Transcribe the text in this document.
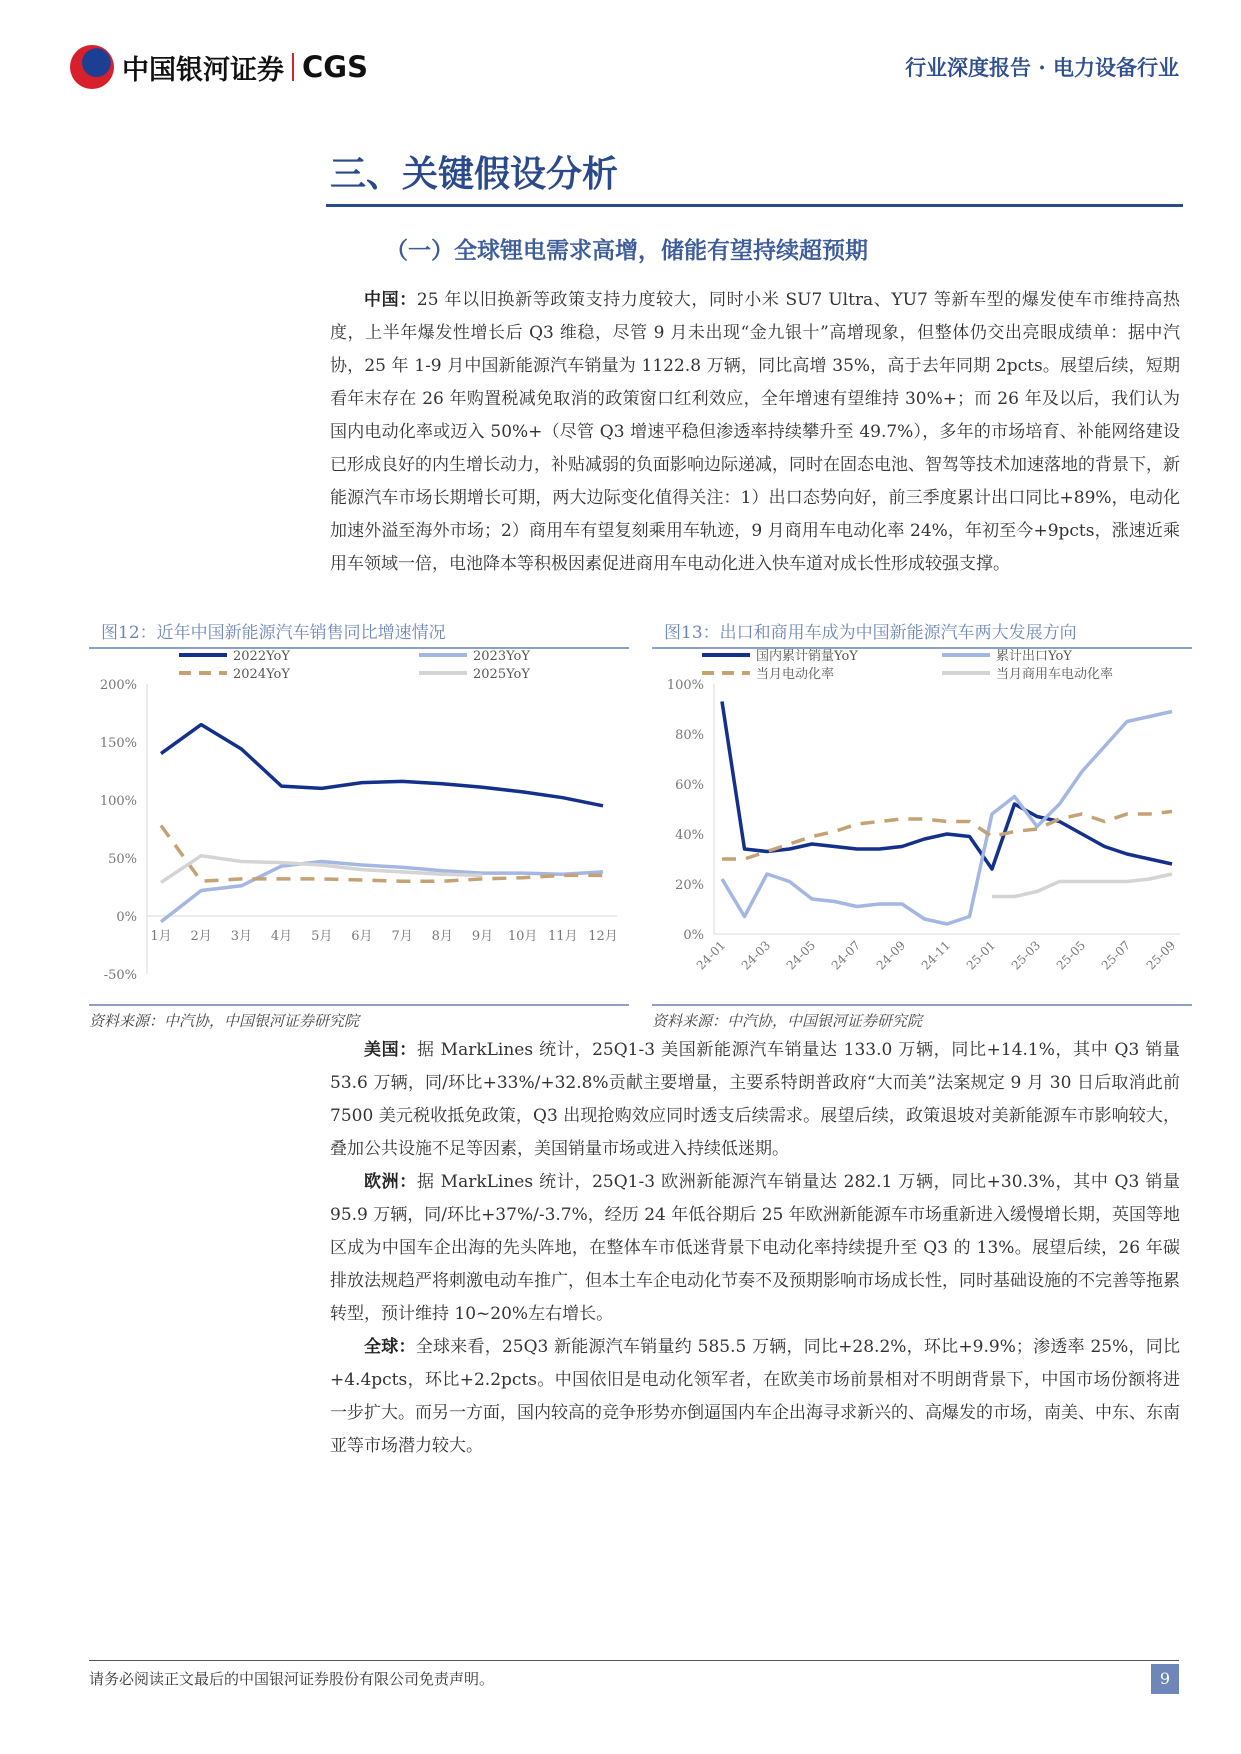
中国银河证券 CGS	行业深度报告 · 电力设备行业
三、关键假设分析
（一）全球锂电需求高增，储能有望持续超预期

中国：25 年以旧换新等政策支持力度较大，同时小米 SU7 Ultra、YU7 等新车型的爆发使车市维持高热度，上半年爆发性增长后 Q3 维稳，尽管 9 月未出现“金九银十”高增现象，但整体仍交出亮眼成绩单：据中汽协，25 年 1-9 月中国新能源汽车销量为 1122.8 万辆，同比高增 35%，高于去年同期 2pcts。展望后续，短期看年末存在 26 年购置税减免取消的政策窗口红利效应，全年增速有望维持 30%+；而 26 年及以后，我们认为国内电动化率或迈入 50%+（尽管 Q3 增速平稳但渗透率持续攀升至 49.7%），多年的市场培育、补能网络建设已形成良好的内生增长动力，补贴减弱的负面影响边际递减，同时在固态电池、智驾等技术加速落地的背景下，新能源汽车市场长期增长可期，两大边际变化值得关注：1）出口态势向好，前三季度累计出口同比+89%，电动化加速外溢至海外市场；2）商用车有望复刻乘用车轨迹，9 月商用车电动化率 24%，年初至今+9pcts，涨速近乘用车领域一倍，电池降本等积极因素促进商用车电动化进入快车道对成长性形成较强支撑。

图12：近年中国新能源汽车销售同比增速情况
200%
150%
100%
50%
0%
-50%
1月 2月 3月 4月 5月 6月 7月 8月 9月 10月 11月 12月
2022YoY	2023YoY
2024YoY	2025YoY
资料来源：中汽协，中国银河证券研究院
图13：出口和商用车成为中国新能源汽车两大发展方向
100%
80%
60%
40%
20%
0%
24-01 24-03 24-05 24-07 24-09 24-11 25-01 25-03 25-05 25-07 25-09
国内累计销量YoY	累计出口YoY
当月电动化率	当月商用车电动化率
资料来源：中汽协，中国银河证券研究院

美国：据 MarkLines 统计，25Q1-3 美国新能源汽车销量达 133.0 万辆，同比+14.1%，其中 Q3 销量 53.6 万辆，同/环比+33%/+32.8%贡献主要增量，主要系特朗普政府“大而美”法案规定 9 月 30 日后取消此前 7500 美元税收抵免政策，Q3 出现抢购效应同时透支后续需求。展望后续，政策退坡对美新能源车市影响较大，叠加公共设施不足等因素，美国销量市场或进入持续低迷期。

欧洲：据 MarkLines 统计，25Q1-3 欧洲新能源汽车销量达 282.1 万辆，同比+30.3%，其中 Q3 销量 95.9 万辆，同/环比+37%/-3.7%，经历 24 年低谷期后 25 年欧洲新能源车市场重新进入缓慢增长期，英国等地区成为中国车企出海的先头阵地，在整体车市低迷背景下电动化率持续提升至 Q3 的 13%。展望后续，26 年碳排放法规趋严将刺激电动车推广，但本土车企电动化节奏不及预期影响市场成长性，同时基础设施的不完善等拖累转型，预计维持 10~20%左右增长。

全球：全球来看，25Q3 新能源汽车销量约 585.5 万辆，同比+28.2%，环比+9.9%；渗透率 25%，同比+4.4pcts，环比+2.2pcts。中国依旧是电动化领军者，在欧美市场前景相对不明朗背景下，中国市场份额将进一步扩大。而另一方面，国内较高的竞争形势亦倒逼国内车企出海寻求新兴的、高爆发的市场，南美、中东、东南亚等市场潜力较大。

请务必阅读正文最后的中国银河证券股份有限公司免责声明。	9
